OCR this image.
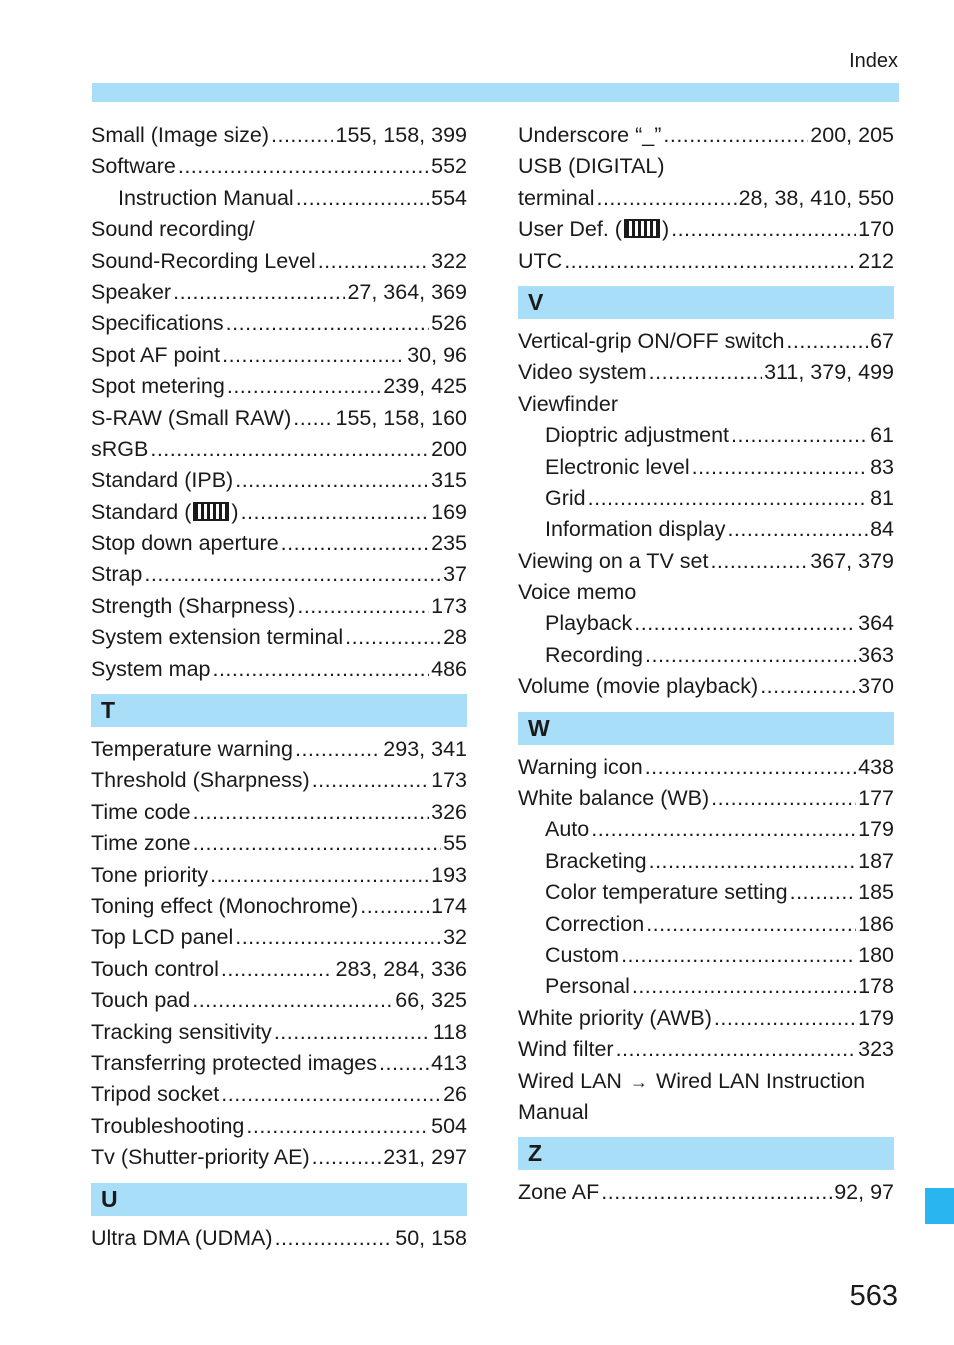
Index
Small (Image size) .....	155, 158, 399
Software .....	552
Instruction Manual .....	554
Sound recording/
Sound-Recording Level .....	322
Speaker .....	27, 364, 369
Specifications .....	526
Spot AF point .....	30, 96
Spot metering .....	239, 425
S-RAW (Small RAW) ..... 155, 158, 160
sRGB .....	200
Standard (IPB) .....	315
Standard ( ) .....	169
Stop down aperture .....	235
Strap .....	37
Strength (Sharpness) .....	173
System extension terminal .....	28
System map .....	486
T
Temperature warning .....	293, 341
Threshold (Sharpness) .....	173
Time code .....	326
Time zone .....	55
Tone priority .....	193
Toning effect (Monochrome) .....	174
Top LCD panel .....	32
Touch control .....	283, 284, 336
Touch pad .....	66, 325
Tracking sensitivity .....	118
Transferring protected images .....	413
Tripod socket .....	26
Troubleshooting .....	504
Tv (Shutter-priority AE) .....	231, 297
U
Ultra DMA (UDMA) .....	50, 158
Underscore “_” .....	200, 205
USB (DIGITAL)
terminal .....	28, 38, 410, 550
User Def. ( ) .....	170
UTC .....	212
V
Vertical-grip ON/OFF switch .....	67
Video system .....	311, 379, 499
Viewfinder
Dioptric adjustment .....	61
Electronic level .....	83
Grid .....	81
Information display .....	84
Viewing on a TV set .....	367, 379
Voice memo
Playback .....	364
Recording .....	363
Volume (movie playback) .....	370
W
Warning icon .....	438
White balance (WB) .....	177
Auto .....	179
Bracketing .....	187
Color temperature setting .....	185
Correction .....	186
Custom .....	180
Personal .....	178
White priority (AWB) .....	179
Wind filter .....	323
Wired LAN → Wired LAN Instruction
Manual
Z
Zone AF .....	92, 97
563
